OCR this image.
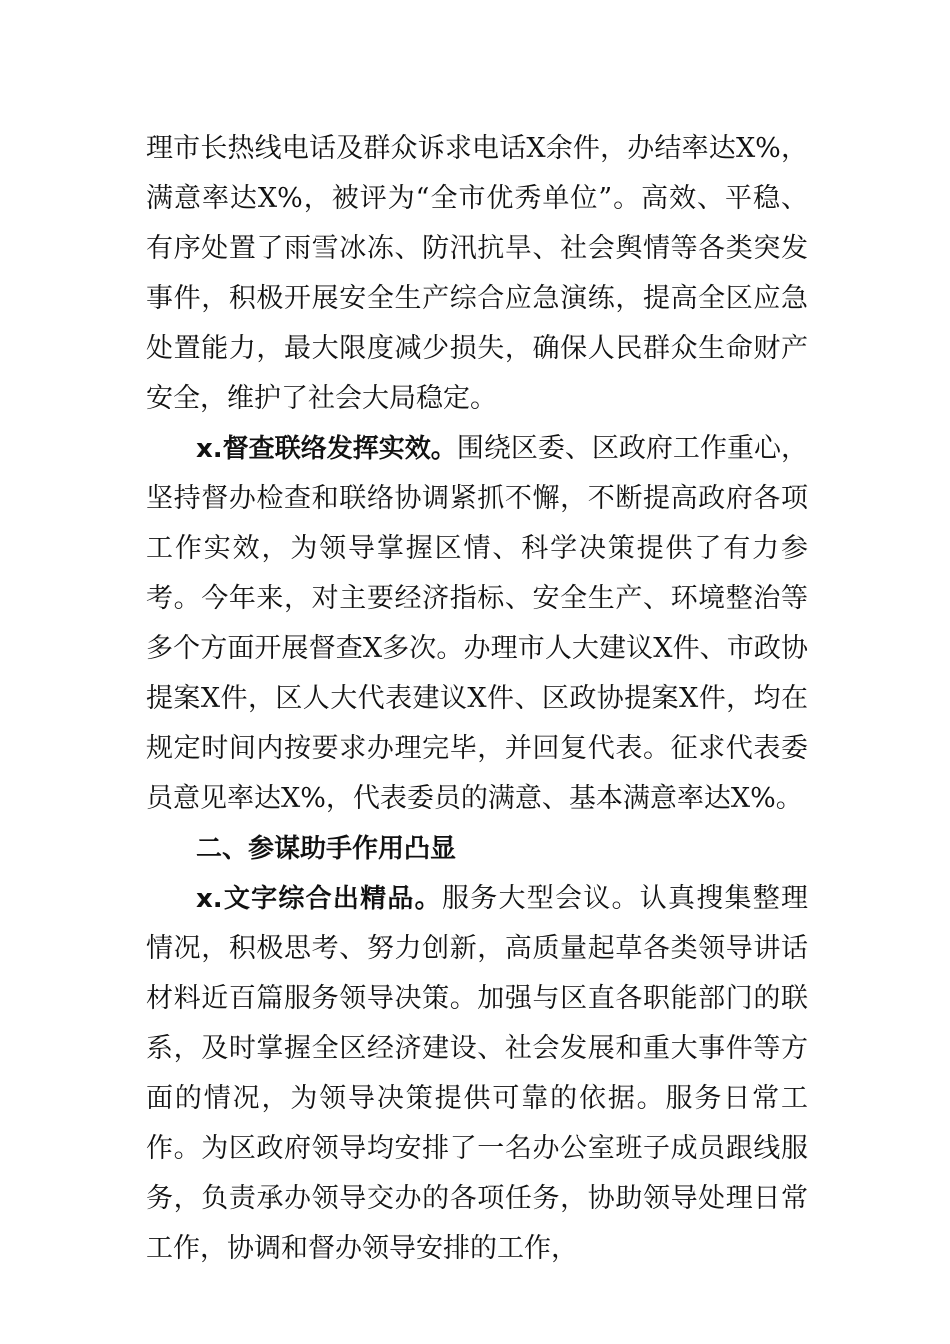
理市长热线电话及群众诉求电话X余件，办结率达X%，满意率达X%，被评为“全市优秀单位”。高效、平稳、有序处置了雨雪冰冻、防汛抗旱、社会舆情等各类突发事件，积极开展安全生产综合应急演练，提高全区应急处置能力，最大限度减少损失，确保人民群众生命财产安全，维护了社会大局稳定。

x.督查联络发挥实效。围绕区委、区政府工作重心，坚持督办检查和联络协调紧抓不懈，不断提高政府各项工作实效，为领导掌握区情、科学决策提供了有力参考。今年来，对主要经济指标、安全生产、环境整治等多个方面开展督查X多次。办理市人大建议X件、市政协提案X件，区人大代表建议X件、区政协提案X件，均在规定时间内按要求办理完毕，并回复代表。征求代表委员意见率达X%，代表委员的满意、基本满意率达X%。

二、参谋助手作用凸显

x.文字综合出精品。服务大型会议。认真搜集整理情况，积极思考、努力创新，高质量起草各类领导讲话材料近百篇服务领导决策。加强与区直各职能部门的联系，及时掌握全区经济建设、社会发展和重大事件等方面的情况，为领导决策提供可靠的依据。服务日常工作。为区政府领导均安排了一名办公室班子成员跟线服务，负责承办领导交办的各项任务，协助领导处理日常工作，协调和督办领导安排的工作，
